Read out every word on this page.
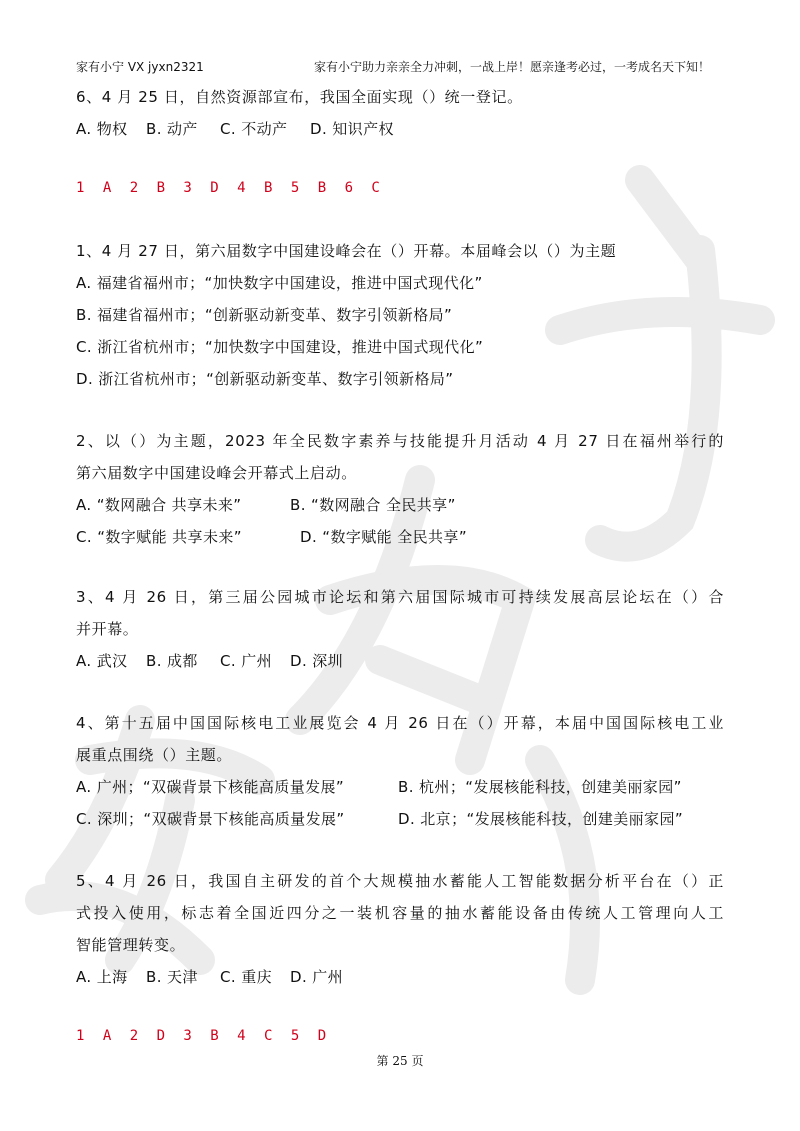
家有小宁 VX jyxn2321	家有小宁助力亲亲全力冲刺，一战上岸！愿亲逢考必过，一考成名天下知！
6、4 月 25 日，自然资源部宣布，我国全面实现（）统一登记。
A. 物权 B. 动产 C. 不动产 D. 知识产权
1 A 2 B 3 D 4 B 5 B 6 C
1、4 月 27 日，第六届数字中国建设峰会在（）开幕。本届峰会以（）为主题
A. 福建省福州市；“加快数字中国建设，推进中国式现代化”
B. 福建省福州市；“创新驱动新变革、数字引领新格局”
C. 浙江省杭州市；“加快数字中国建设，推进中国式现代化”
D. 浙江省杭州市；“创新驱动新变革、数字引领新格局”
2、以（）为主题，2023 年全民数字素养与技能提升月活动 4 月 27 日在福州举行的
第六届数字中国建设峰会开幕式上启动。
A. “数网融合 共享未来”	B. “数网融合 全民共享”
C. “数字赋能 共享未来”	D. “数字赋能 全民共享”
3、4 月 26 日，第三届公园城市论坛和第六届国际城市可持续发展高层论坛在（）合
并开幕。
A. 武汉 B. 成都 C. 广州 D. 深圳
4、第十五届中国国际核电工业展览会 4 月 26 日在（）开幕，本届中国国际核电工业
展重点围绕（）主题。
A. 广州；“双碳背景下核能高质量发展”	B. 杭州；“发展核能科技，创建美丽家园”
C. 深圳；“双碳背景下核能高质量发展”	D. 北京；“发展核能科技，创建美丽家园”
5、4 月 26 日，我国自主研发的首个大规模抽水蓄能人工智能数据分析平台在（）正
式投入使用，标志着全国近四分之一装机容量的抽水蓄能设备由传统人工管理向人工
智能管理转变。
A. 上海 B. 天津 C. 重庆 D. 广州
1 A 2 D 3 B 4 C 5 D
第 25 页
